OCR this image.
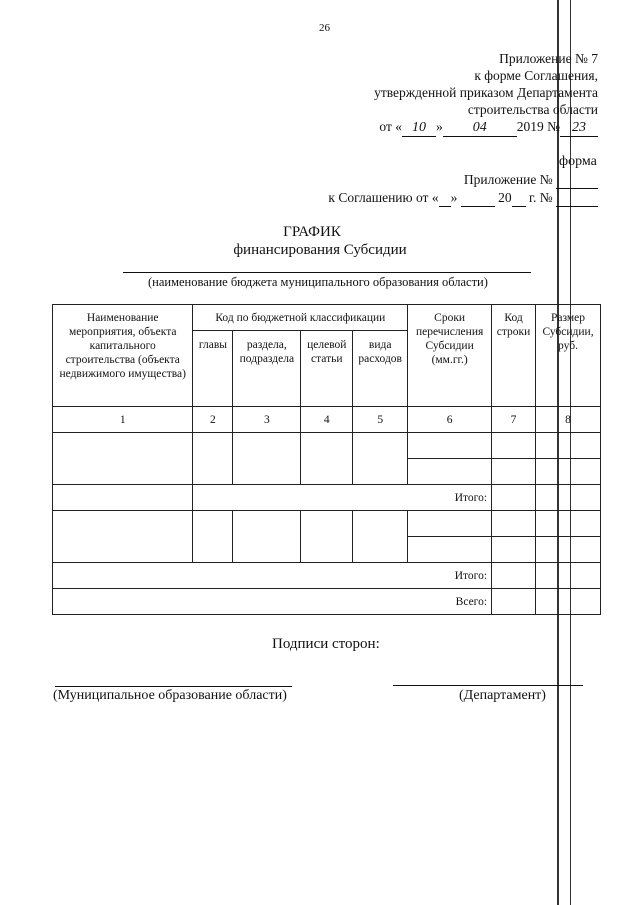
26
Приложение № 7
к форме Соглашения,
утвержденной приказом Департамента
строительства области
от « 10 » 04 2019 № 23
форма
Приложение №
к Соглашению от « »	20 г. №
ГРАФИК
финансирования Субсидии
(наименование бюджета муниципального образования области)
Наименование мероприятия, объекта капитального строительства (объекта недвижимого имущества)	Код по бюджетной классификации				Сроки перечисления Субсидии (мм.гг.)	Код строки	Размер Субсидии, руб.
	главы	раздела, подраздела	целевой статьи	вида расходов			
1	2	3	4	5	6	7	8

	Итого:						

Итого:							
Всего:							
Подписи сторон:
(Муниципальное образование области)	(Департамент)
